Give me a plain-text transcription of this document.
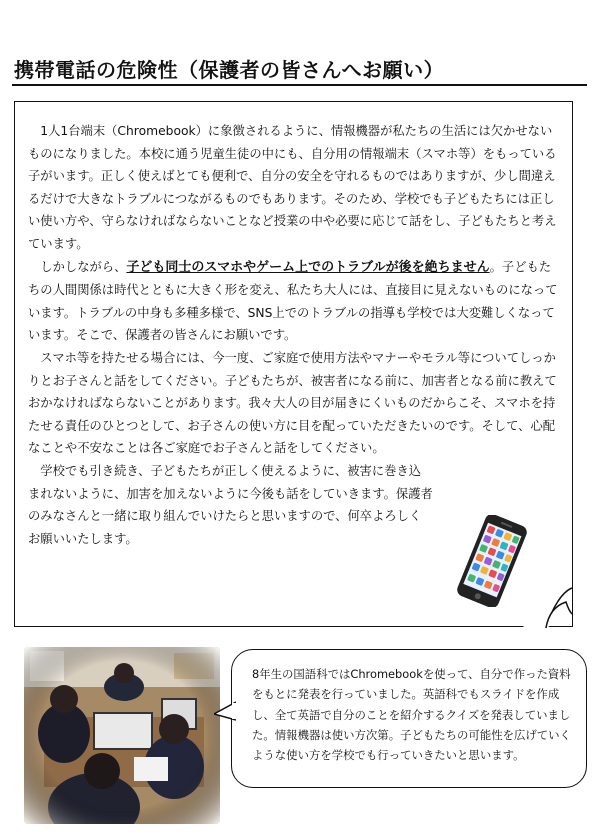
携帯電話の危険性（保護者の皆さんへお願い）

　1人1台端末（Chromebook）に象徴されるように、情報機器が私たちの生活には欠かせないものになりました。本校に通う児童生徒の中にも、自分用の情報端末（スマホ等）をもっている子がいます。正しく使えばとても便利で、自分の安全を守れるものではありますが、少し間違えるだけで大きなトラブルにつながるものでもあります。そのため、学校でも子どもたちには正しい使い方や、守らなければならないことなど授業の中や必要に応じて話をし、子どもたちと考えています。

　しかしながら、子ども同士のスマホやゲーム上でのトラブルが後を絶ちません。子どもたちの人間関係は時代とともに大きく形を変え、私たち大人には、直接目に見えないものになっています。トラブルの中身も多種多様で、SNS上でのトラブルの指導も学校では大変難しくなっています。そこで、保護者の皆さんにお願いです。

　スマホ等を持たせる場合には、今一度、ご家庭で使用方法やマナーやモラル等についてしっかりとお子さんと話をしてください。子どもたちが、被害者になる前に、加害者となる前に教えておかなければならないことがあります。我々大人の目が届きにくいものだからこそ、スマホを持たせる責任のひとつとして、お子さんの使い方に目を配っていただきたいのです。そして、心配なことや不安なことは各ご家庭でお子さんと話をしてください。

　学校でも引き続き、子どもたちが正しく使えるように、被害に巻き込
まれないように、加害を加えないように今後も話をしていきます。保護者
のみなさんと一緒に取り組んでいけたらと思いますので、何卒よろしく
お願いいたします。

8年生の国語科ではChromebookを使って、自分で作った資料をもとに発表を行っていました。英語科でもスライドを作成し、全て英語で自分のことを紹介するクイズを発表していました。情報機器は使い方次第。子どもたちの可能性を広げていくような使い方を学校でも行っていきたいと思います。
